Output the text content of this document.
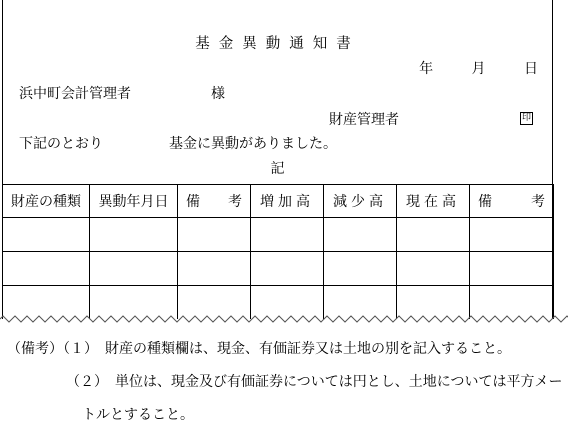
基金異動通知書
年	月	日
浜中町会計管理者	様
財産管理者	印
下記のとおり	基金に異動がありました。
記
財産の種類	異動年月日	備考	増加高	減少高	現在高	備考

（備考）（１）　財産の種類欄は、現金、有価証券又は土地の別を記入すること。
（２）　単位は、現金及び有価証券については円とし、土地については平方メー
トルとすること。
